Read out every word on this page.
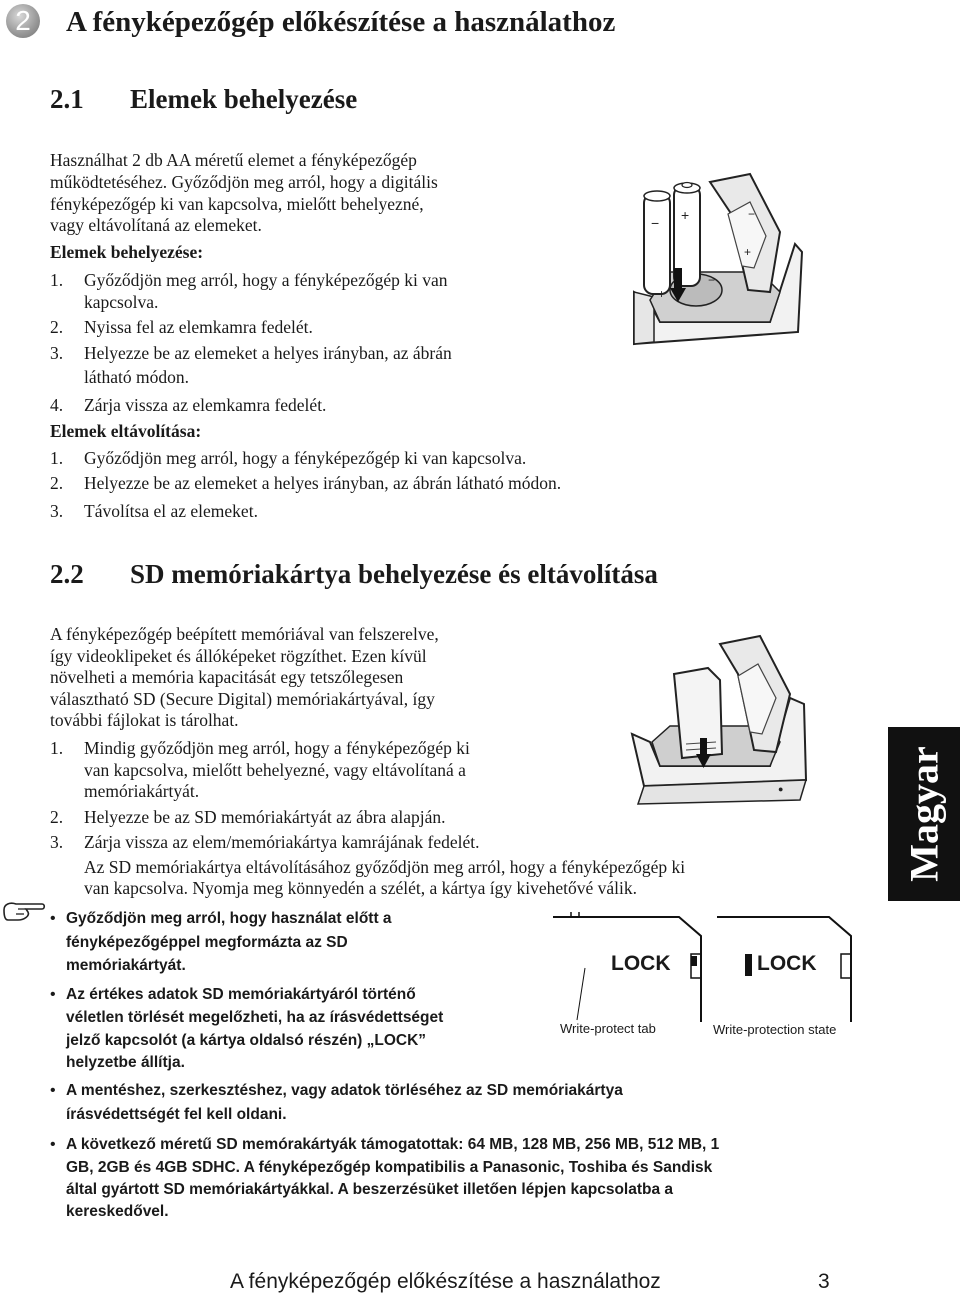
2	A fényképezőgép előkészítése a használathoz
2.1 Elemek behelyezése
Használhat 2 db AA méretű elemet a fényképezőgép
működtetéséhez. Győződjön meg arról, hogy a digitális
fényképezőgép ki van kapcsolva, mielőtt behelyezné,
vagy eltávolítaná az elemeket.
Elemek behelyezése:
1. Győződjön meg arról, hogy a fényképezőgép ki van
kapcsolva.
2. Nyissa fel az elemkamra fedelét.
3. Helyezze be az elemeket a helyes irányban, az ábrán
látható módon.
4. Zárja vissza az elemkamra fedelét.
Elemek eltávolítása:
1. Győződjön meg arról, hogy a fényképezőgép ki van kapcsolva.
2. Helyezze be az elemeket a helyes irányban, az ábrán látható módon.
3. Távolítsa el az elemeket.
−
+
− +
+
−
2.2 SD memóriakártya behelyezése és eltávolítása
A fényképezőgép beépített memóriával van felszerelve,
így videoklipeket és állóképeket rögzíthet. Ezen kívül
növelheti a memória kapacitását egy tetszőlegesen
választható SD (Secure Digital) memóriakártyával, így
további fájlokat is tárolhat.
1. Mindig győződjön meg arról, hogy a fényképezőgép ki
van kapcsolva, mielőtt behelyezné, vagy eltávolítaná a
memóriakártyát.
2. Helyezze be az SD memóriakártyát az ábra alapján.
3. Zárja vissza az elem/memóriakártya kamrájának fedelét.
Az SD memóriakártya eltávolításához győződjön meg arról, hogy a fényképezőgép ki
van kapcsolva. Nyomja meg könnyedén a szélét, a kártya így kivehetővé válik.
●	Magyar
• Győződjön meg arról, hogy használat előtt a
fényképezőgéppel megformázta az SD
memóriakártyát.
• Az értékes adatok SD memóriakártyáról történő
véletlen törlését megelőzheti, ha az írásvédettséget
jelző kapcsolót (a kártya oldalsó részén) „LOCK”
helyzetbe állítja.
• A mentéshez, szerkesztéshez, vagy adatok törléséhez az SD memóriakártya
írásvédettségét fel kell oldani.
• A következő méretű SD memórakártyák támogatottak: 64 MB, 128 MB, 256 MB, 512 MB, 1
GB, 2GB és 4GB SDHC. A fényképezőgép kompatibilis a Panasonic, Toshiba és Sandisk
által gyártott SD memóriakártyákkal. A beszerzésüket illetően lépjen kapcsolatba a
kereskedővel.
LOCK	LOCK
Write-protect tab	Write-protection state
A fényképezőgép előkészítése a használathoz	3
